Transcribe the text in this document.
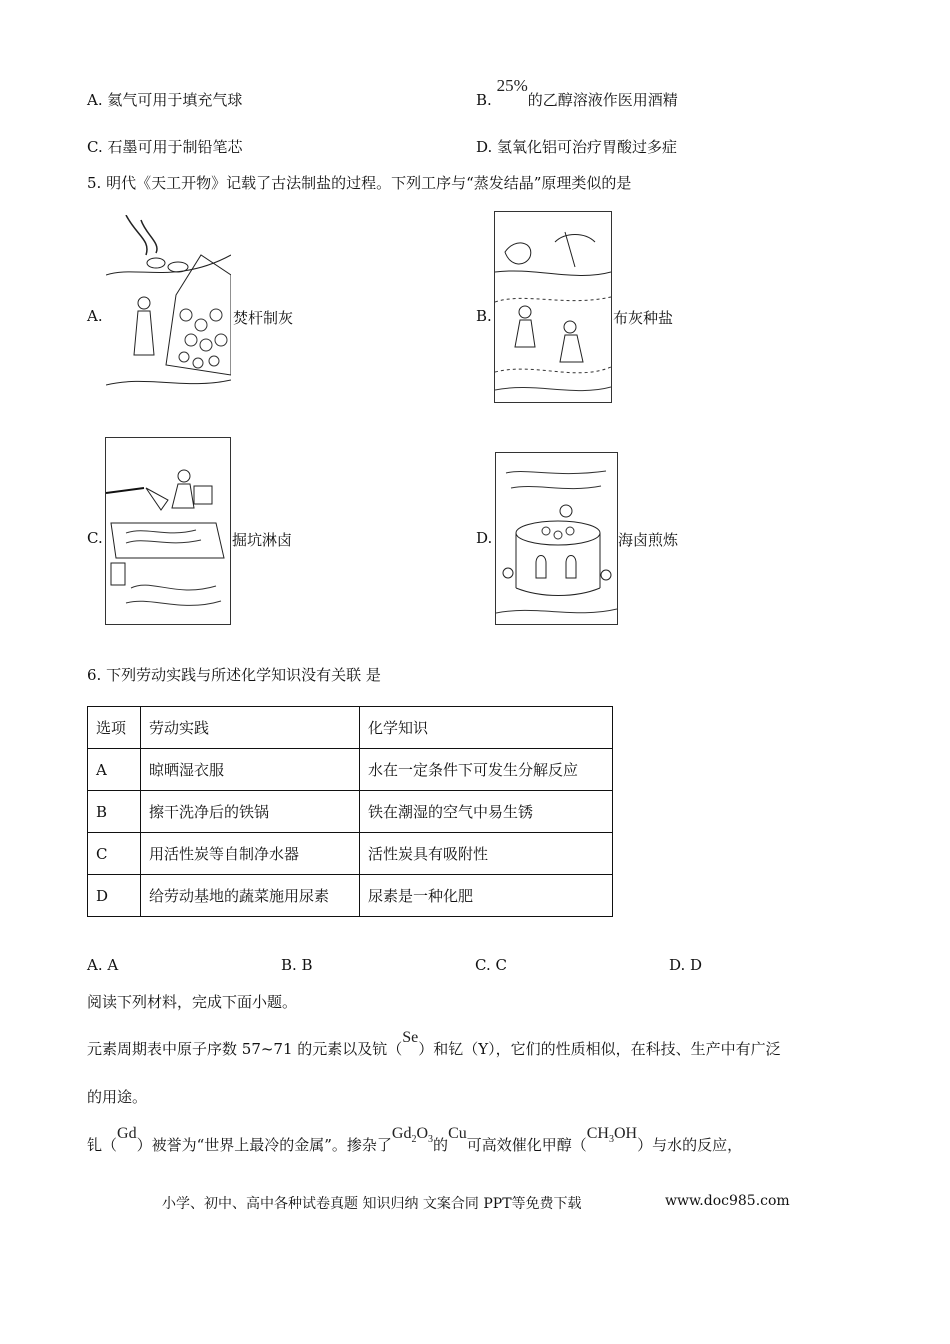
A. 氦气可用于填充气球	B. 25%的乙醇溶液作医用酒精
C. 石墨可用于制铅笔芯	D. 氢氧化铝可治疗胃酸过多症
5. 明代《天工开物》记载了古法制盐的过程。下列工序与“蒸发结晶”原理类似的是
A.	焚杆制灰	B.	布灰种盐
C.	掘坑淋卤	D.	海卤煎炼
6. 下列劳动实践与所述化学知识没有关联 是
选项	劳动实践	化学知识
A	晾晒湿衣服	水在一定条件下可发生分解反应
B	擦干洗净后的铁锅	铁在潮湿的空气中易生锈
C	用活性炭等自制净水器	活性炭具有吸附性
D	给劳动基地的蔬菜施用尿素	尿素是一种化肥
A. A	B. B	C. C	D. D
阅读下列材料，完成下面小题。
元素周期表中原子序数 57~71 的元素以及钪（Se）和钇（Y），它们的性质相似，在科技、生产中有广泛
的用途。
钆（Gd）被誉为“世界上最冷的金属”。掺杂了$Gd_2O_3$的Cu可高效催化甲醇$(CH_3OH)$与水的反应，
小学、初中、高中各种试卷真题 知识归纳 文案合同 PPT等免费下载	www.doc985.com
